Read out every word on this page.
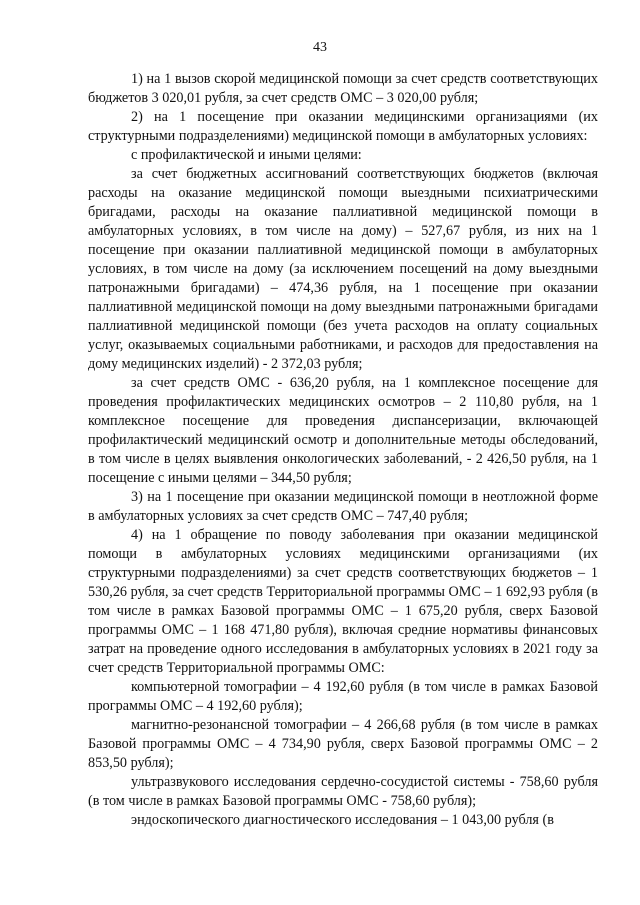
43

1) на 1 вызов скорой медицинской помощи за счет средств соответствующих бюджетов 3 020,01 рубля, за счет средств ОМС – 3 020,00 рубля;

2) на 1 посещение при оказании медицинскими организациями (их структурными подразделениями) медицинской помощи в амбулаторных условиях:

с профилактической и иными целями:

за счет бюджетных ассигнований соответствующих бюджетов (включая расходы на оказание медицинской помощи выездными психиатрическими бригадами, расходы на оказание паллиативной медицинской помощи в амбулаторных условиях, в том числе на дому) – 527,67 рубля, из них на 1 посещение при оказании паллиативной медицинской помощи в амбулаторных условиях, в том числе на дому (за исключением посещений на дому выездными патронажными бригадами) – 474,36 рубля, на 1 посещение при оказании паллиативной медицинской помощи на дому выездными патронажными бригадами паллиативной медицинской помощи (без учета расходов на оплату социальных услуг, оказываемых социальными работниками, и расходов для предоставления на дому медицинских изделий) - 2 372,03 рубля;

за счет средств ОМС - 636,20 рубля, на 1 комплексное посещение для проведения профилактических медицинских осмотров – 2 110,80 рубля, на 1 комплексное посещение для проведения диспансеризации, включающей профилактический медицинский осмотр и дополнительные методы обследований, в том числе в целях выявления онкологических заболеваний, - 2 426,50 рубля, на 1 посещение с иными целями – 344,50 рубля;

3) на 1 посещение при оказании медицинской помощи в неотложной форме в амбулаторных условиях за счет средств ОМС – 747,40 рубля;

4) на 1 обращение по поводу заболевания при оказании медицинской помощи в амбулаторных условиях медицинскими организациями (их структурными подразделениями) за счет средств соответствующих бюджетов – 1 530,26 рубля, за счет средств Территориальной программы ОМС – 1 692,93 рубля (в том числе в рамках Базовой программы ОМС – 1 675,20 рубля, сверх Базовой программы ОМС – 1 168 471,80 рубля), включая средние нормативы финансовых затрат на проведение одного исследования в амбулаторных условиях в 2021 году за счет средств Территориальной программы ОМС:

компьютерной томографии – 4 192,60 рубля (в том числе в рамках Базовой программы ОМС – 4 192,60 рубля);

магнитно-резонансной томографии – 4 266,68 рубля (в том числе в рамках Базовой программы ОМС – 4 734,90 рубля, сверх Базовой программы ОМС – 2 853,50 рубля);

ультразвукового исследования сердечно-сосудистой системы - 758,60 рубля (в том числе в рамках Базовой программы ОМС - 758,60 рубля);

эндоскопического диагностического исследования – 1 043,00 рубля (в
